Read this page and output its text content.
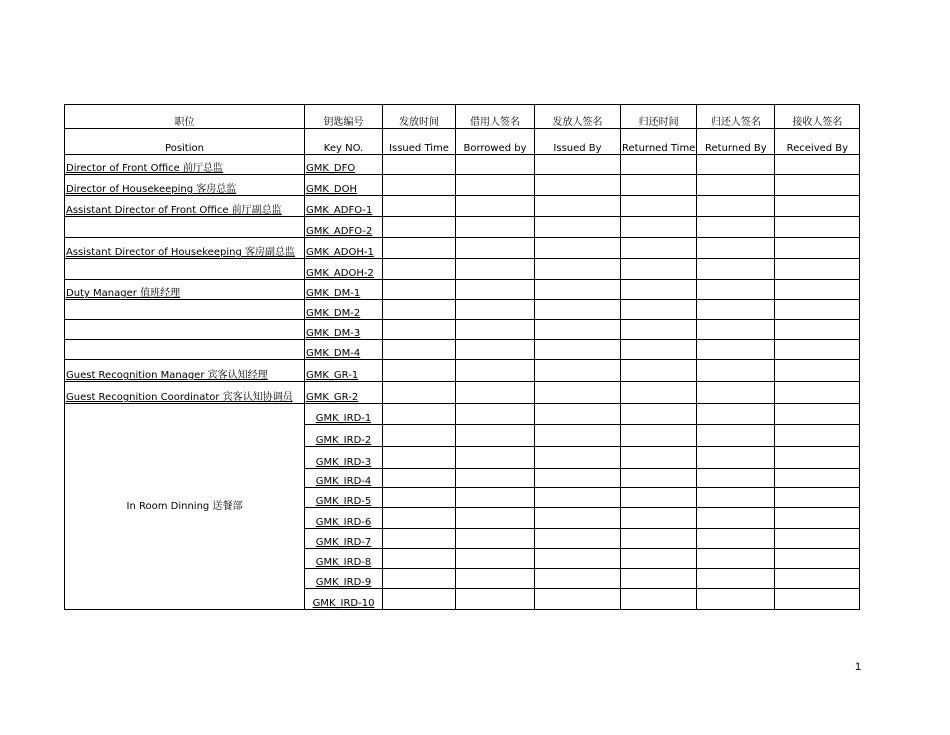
职位	钥匙编号	发放时间	借用人签名	发放人签名	归还时间	归还人签名	接收人签名
Position	Key NO.	Issued Time	Borrowed by	Issued By	Returned Time	Returned By	Received By
Director of Front Office 前厅总监	GMK_DFO						
Director of Housekeeping 客房总监	GMK_DOH						
Assistant Director of Front Office 前厅副总监	GMK_ADFO-1						
	GMK_ADFO-2						
Assistant Director of Housekeeping 客房副总监	GMK_ADOH-1						
	GMK_ADOH-2						
Duty Manager 值班经理	GMK_DM-1						
	GMK_DM-2						
	GMK_DM-3						
	GMK_DM-4						
Guest Recognition Manager 宾客认知经理	GMK_GR-1						
Guest Recognition Coordinator 宾客认知协调员	GMK_GR-2						
In Room Dinning 送餐部	GMK_IRD-1						
	GMK_IRD-2						
	GMK_IRD-3						
	GMK_IRD-4						
	GMK_IRD-5						
	GMK_IRD-6						
	GMK_IRD-7						
	GMK_IRD-8						
	GMK_IRD-9						
	GMK_IRD-10						
1
